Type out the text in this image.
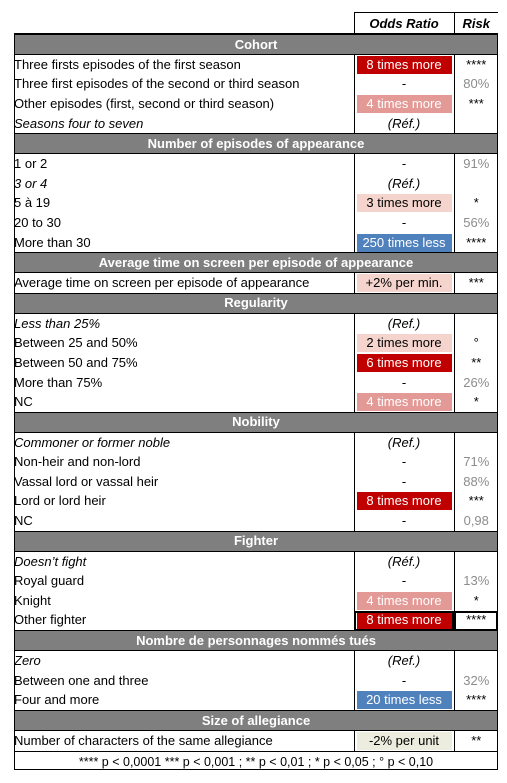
	Odds Ratio	Risk
Cohort		
Three firsts episodes of the first season	8 times more	****
Three first episodes of the second or third season	-	80%
Other episodes (first, second or third season)	4 times more	***
Seasons four to seven	(Réf.)	

Number of episodes of appearance		
1 or 2	-	91%
3 or 4	(Réf.)	

5 à 19	3 times more	*
20 to 30	-	56%
More than 30	250 times less	****
Average time on screen per episode of appearance		
Average time on screen per episode of appearance	+2% per min.	***
Regularity		
Less than 25%	(Ref.)	

Between 25 and 50%	2 times more	°
Between 50 and 75%	6 times more	**
More than 75%	-	26%
NC	4 times more	*
Nobility		
Commoner or former noble	(Ref.)	

Non-heir and non-lord	-	71%
Vassal lord or vassal heir	-	88%
Lord or lord heir	8 times more	***
NC	-	0,98
Fighter		
Doesn’t fight	(Réf.)	

Royal guard	-	13%
Knight	4 times more	*
Other fighter	8 times more	****
Nombre de personnages nommés tués		
Zero	(Ref.)	

Between one and three	-	32%
Four and more	20 times less	****
Size of allegiance		
Number of characters of the same allegiance	-2% per unit	**
**** p < 0,0001 *** p < 0,001 ; ** p < 0,01 ; * p < 0,05 ; ° p < 0,10		
